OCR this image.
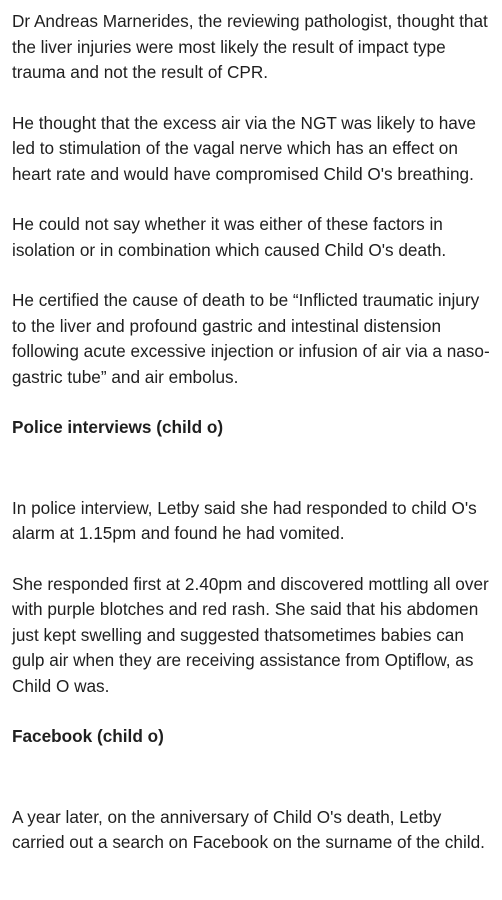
Dr Andreas Marnerides, the reviewing pathologist, thought that the liver injuries were most likely the result of impact type trauma and not the result of CPR.

He thought that the excess air via the NGT was likely to have led to stimulation of the vagal nerve which has an effect on heart rate and would have compromised Child O's breathing.

He could not say whether it was either of these factors in isolation or in combination which caused Child O's death.

He certified the cause of death to be “Inflicted traumatic injury to the liver and profound gastric and intestinal distension following acute excessive injection or infusion of air via a naso-gastric tube” and air embolus.

Police interviews (child o)

In police interview, Letby said she had responded to child O's alarm at 1.15pm and found he had vomited.

She responded first at 2.40pm and discovered mottling all over with purple blotches and red rash. She said that his abdomen just kept swelling and suggested thatsometimes babies can gulp air when they are receiving assistance from Optiflow, as Child O was.

Facebook (child o)

A year later, on the anniversary of Child O's death, Letby carried out a search on Facebook on the surname of the child.
